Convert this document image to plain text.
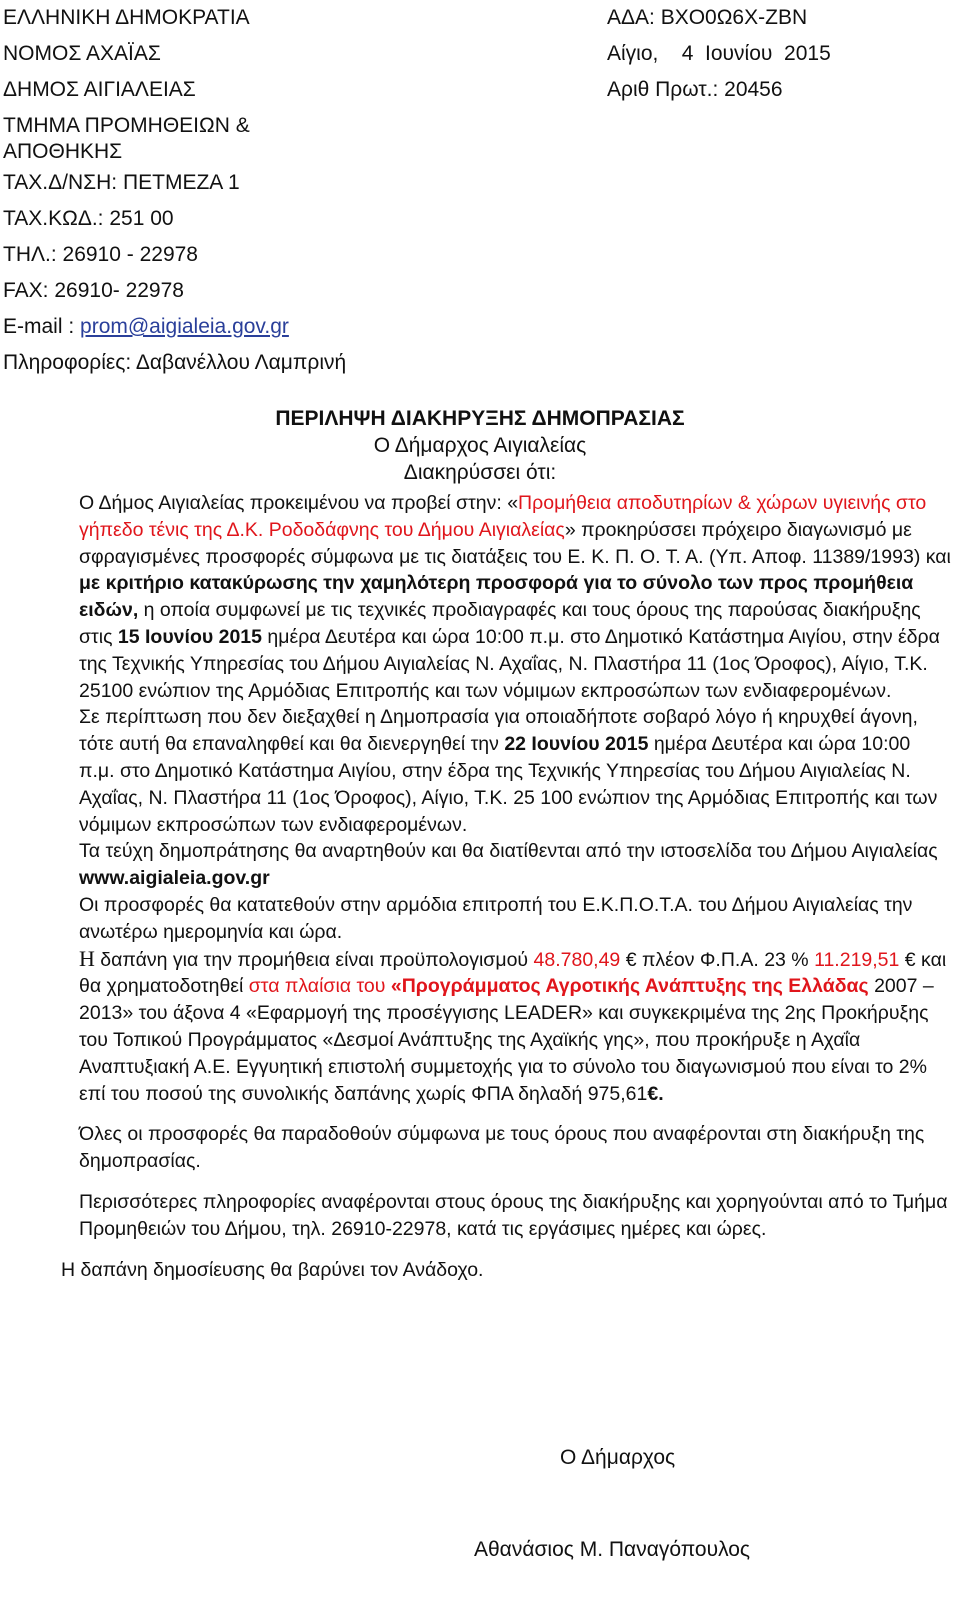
ΕΛΛΗΝΙΚΗ ΔΗΜΟΚΡΑΤΙΑ
ΝΟΜΟΣ ΑΧΑΪΑΣ
ΔΗΜΟΣ ΑΙΓΙΑΛΕΙΑΣ
ΤΜΗΜΑ ΠΡΟΜΗΘΕΙΩΝ &
ΑΠΟΘΗΚΗΣ
ΤΑΧ.Δ/ΝΣΗ: ΠΕΤΜΕΖΑ 1
ΤΑΧ.ΚΩΔ.: 251 00
ΤΗΛ.: 26910 - 22978
FAX: 26910- 22978
E-mail : prom@aigialeia.gov.gr
Πληροφορίες: Δαβανέλλου Λαμπρινή
ΑΔΑ: ΒΧΟ0Ω6Χ-ΖΒΝ
Αίγιο,    4  Ιουνίου  2015
Αριθ Πρωτ.: 20456
ΠΕΡΙΛΗΨΗ ΔΙΑΚΗΡΥΞΗΣ ΔΗΜΟΠΡΑΣΙΑΣ
Ο Δήμαρχος Αιγιαλείας
Διακηρύσσει ότι:

Ο Δήμος Αιγιαλείας προκειμένου να προβεί στην: «Προμήθεια αποδυτηρίων & χώρων υγιεινής στο γήπεδο τένις της Δ.Κ. Ροδοδάφνης του Δήμου Αιγιαλείας» προκηρύσσει πρόχειρο διαγωνισμό με σφραγισμένες προσφορές σύμφωνα με τις διατάξεις του Ε. Κ. Π. Ο. Τ. Α. (Υπ. Αποφ. 11389/1993) και με κριτήριο κατακύρωσης την χαμηλότερη προσφορά για το σύνολο των προς προμήθεια ειδών, η οποία συμφωνεί με τις τεχνικές προδιαγραφές και τους όρους της παρούσας διακήρυξης στις 15 Ιουνίου 2015 ημέρα Δευτέρα και ώρα 10:00 π.μ. στο Δημοτικό Κατάστημα Αιγίου, στην έδρα της Τεχνικής Υπηρεσίας του Δήμου Αιγιαλείας Ν. Αχαΐας, Ν. Πλαστήρα 11 (1ος Όροφος), Αίγιο, Τ.Κ. 25100 ενώπιον της Αρμόδιας Επιτροπής και των νόμιμων εκπροσώπων των ενδιαφερομένων.

Σε περίπτωση που δεν διεξαχθεί η Δημοπρασία για οποιαδήποτε σοβαρό λόγο ή κηρυχθεί άγονη, τότε αυτή θα επαναληφθεί και θα διενεργηθεί την 22 Ιουνίου 2015 ημέρα Δευτέρα και ώρα 10:00 π.μ. στο Δημοτικό Κατάστημα Αιγίου, στην έδρα της Τεχνικής Υπηρεσίας του Δήμου Αιγιαλείας Ν. Αχαΐας, Ν. Πλαστήρα 11 (1ος Όροφος), Αίγιο, Τ.Κ. 25 100 ενώπιον της Αρμόδιας Επιτροπής και των νόμιμων εκπροσώπων των ενδιαφερομένων.

Τα τεύχη δημοπράτησης θα αναρτηθούν και θα διατίθενται από την ιστοσελίδα του Δήμου Αιγιαλείας www.aigialeia.gov.gr

Οι προσφορές θα κατατεθούν στην αρμόδια επιτροπή του Ε.Κ.Π.Ο.Τ.Α. του Δήμου Αιγιαλείας την ανωτέρω ημερομηνία και ώρα.

Η δαπάνη για την προμήθεια είναι προϋπολογισμού 48.780,49 € πλέον Φ.Π.Α. 23 % 11.219,51 € και θα χρηματοδοτηθεί στα πλαίσια του «Προγράμματος Αγροτικής Ανάπτυξης της Ελλάδας 2007 – 2013» του άξονα 4 «Εφαρμογή της προσέγγισης LEADER» και συγκεκριμένα της 2ης Προκήρυξης του Τοπικού Προγράμματος «Δεσμοί Ανάπτυξης της Αχαϊκής γης», που προκήρυξε η Αχαΐα Αναπτυξιακή Α.Ε. Εγγυητική επιστολή συμμετοχής για το σύνολο του διαγωνισμού που είναι το 2% επί του ποσού της συνολικής δαπάνης χωρίς ΦΠΑ δηλαδή 975,61€.

Όλες οι προσφορές θα παραδοθούν σύμφωνα με τους όρους που αναφέρονται στη διακήρυξη της δημοπρασίας.

Περισσότερες πληροφορίες αναφέρονται στους όρους της διακήρυξης και χορηγούνται από το Τμήμα Προμηθειών του Δήμου, τηλ. 26910-22978, κατά τις εργάσιμες ημέρες και ώρες.

Η δαπάνη δημοσίευσης θα βαρύνει τον Ανάδοχο.

Ο Δήμαρχος
Αθανάσιος Μ. Παναγόπουλος
